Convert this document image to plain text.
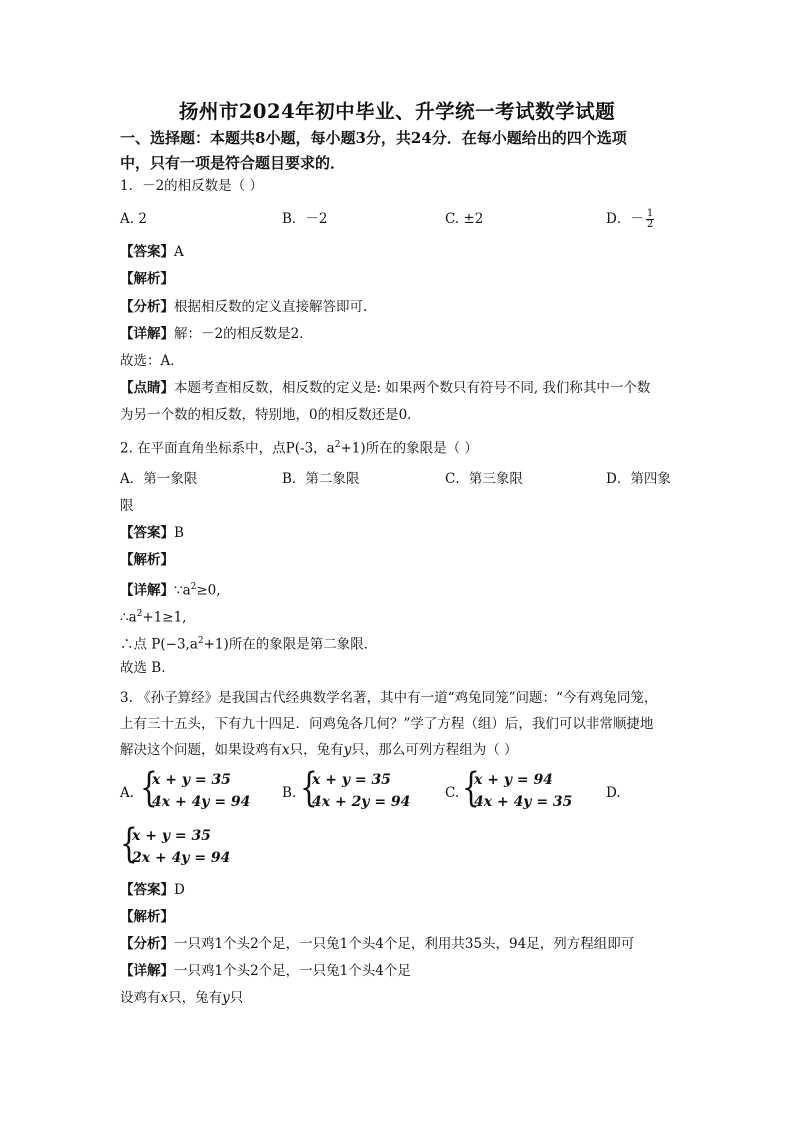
扬州市2024年初中毕业、升学统一考试数学试题
一、选择题：本题共8小题，每小题3分，共24分．在每小题给出的四个选项
中，只有一项是符合题目要求的．
1．－2的相反数是（ ）
A. 2	B．－2	C. ±2	D．－ $\frac{1}{2}$
【答案】A
【解析】
【分析】根据相反数的定义直接解答即可.
【详解】解：－2的相反数是2．
故选：A．
【点睛】本题考查相反数，相反数的定义是: 如果两个数只有符号不同, 我们称其中一个数
为另一个数的相反数，特别地，0的相反数还是0．
2. 在平面直角坐标系中，点P(-3，$a^2+1$)所在的象限是（ ）
A．第一象限	B．第二象限	C．第三象限	D．第四象
限
【答案】B
【解析】
【详解】$\because a^2\ge 0$,
$\therefore a^2+1\ge 1$,
∴点 $P(-3,a^2+1)$所在的象限是第二象限．
故选 B.
3. 《孙子算经》是我国古代经典数学名著，其中有一道“鸡兔同笼”问题：“今有鸡兔同笼，
上有三十五头，下有九十四足．问鸡兔各几何？”学了方程（组）后，我们可以非常顺捷地
解决这个问题，如果设鸡有x只，兔有y只，那么可列方程组为（ ）
A. {
x + y = 35
4x + 4y = 94
B. {
x + y = 35
4x + 2y = 94
C. {
x + y = 94
4x + 4y = 35
D.
{
x + y = 35
2x + 4y = 94
【答案】D
【解析】
【分析】一只鸡1个头2个足，一只兔1个头4个足，利用共35头，94足，列方程组即可
【详解】一只鸡1个头2个足，一只兔1个头4个足
设鸡有x只，兔有y只
